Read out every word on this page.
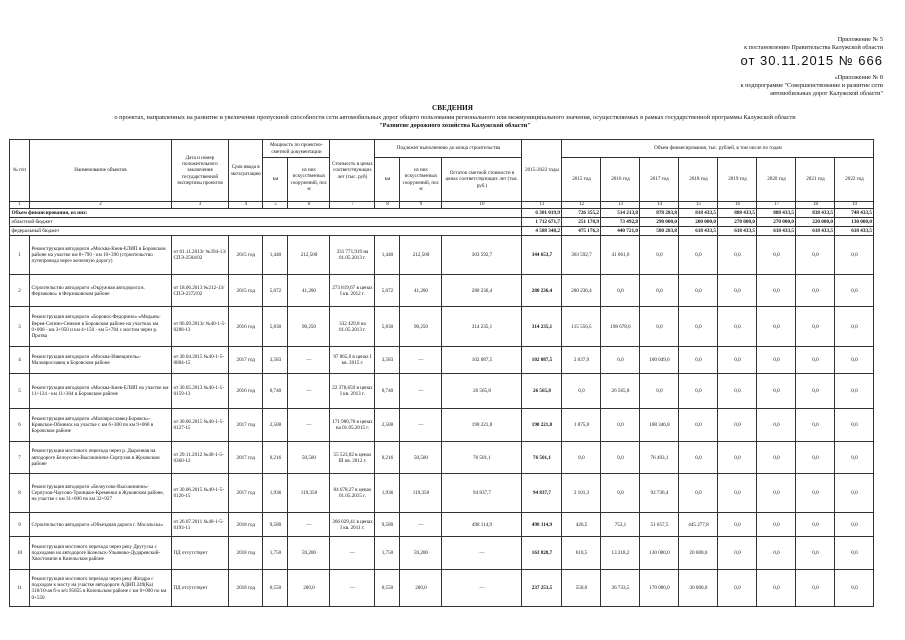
Приложение № 5
к постановлению Правительства Калужской области
от 30.11.2015 № 666
«Приложение № 8
к подпрограмме "Совершенствование и развитие сети
автомобильных дорог Калужской области"
СВЕДЕНИЯ
о проектах, направленных на развитие и увеличение пропускной способности сети автомобильных дорог общего пользования регионального или межмуниципального значения, осуществляемых в рамках государственной программы Калужской области
"Развитие дорожного хозяйства Калужской области"
№ п/п	Наименование объектов	Дата и номер положительного заключения государственной экспертизы проектов	Срок ввода в эксплуатацию	Мощность по проектно-сметной документации		Стоимость в ценах соответствующих лет (тыс. руб)	Подлежит выполнению до конца строительства			2015-2022 годы	Объем финансирования, тыс. рублей, в том числе по годам							
				км	из них искусственных сооружений, пог. м		км	из них искусственных сооружений, пог. м	Остаток сметной стоимости в ценах соответствующих лет (тыс. руб.)		2015 год	2016 год	2017 год	2018 год	2019 год	2020 год	2021 год	2022 год
1	2	3	4	5	6	7	8	9	10	11	12	13	14	15	16	17	18	19
Объем финансирования, из них:										6 301 019,9	726 355,2	514 213,8	878 283,8	818 433,5	888 433,5	888 433,5	838 433,5	748 433,5
областной бюджет										1 712 671,7	251 178,9	73 492,8	298 000,0	200 000,0	270 000,0	270 000,0	220 000,0	130 000,0
федеральный бюджет										4 588 348,2	475 176,3	440 721,0	580 283,8	618 433,5	618 433,5	618 433,5	618 433,5	618 433,5
1	Реконструкция автодороги «Москва-Киев-ЕЛИП в Боровском районе на участке км 8+790 - км 10+390 (строительство путепровода через железную дорогу)	от 01.11.2013г №394-13/СПЭ-2504/02	2015 год	1,440	212,500	331 771,919 на 01.05.2013 г.	1,440	212,500	303 592,7	344 653,7	303 592,7	41 061,0	0,0	0,0	0,0	0,0	0,0	0,0
2	Строительство автодороги «Окружная автодорога в. Ферзиково» в Ферзиковском районе	от 18.06.2013 №212-13/СПЭ-2372/02	2015 год	5,072	41,200	273 819,67 в ценах I кв. 2012 г.	5,072	41,200	280 236,4	280 236,4	280 236,4	0,0	0,0	0,0	0,0	0,0	0,0	0,0
3	Реконструкция автодороги «Боровск-Федорино»-«Медынь-Верея-Сатино-Семкин в Боровском районе на участках км 0+000 - км 3+950 и км 4+150 - км 5+784 с мостом через р. Протва	от 06.09.2013г №40-1-5-0288-13	2016 год	5,830	90,250	332 429,8 на 01.05.2013 г.	5,830	90,250	314 235,1	314 235,1	115 556,5	198 678,6	0,0	0,0	0,0	0,0	0,0	0,0
4	Реконструкция автодороги «Москва-Извещатель»-Малоярославец в Боровском районе	от 30.04.2015 №40-1-5-0084-15	2017 год	3,583	—	97 865,0 в ценах I кв. 2015 г.	3,583	—	102 087,5	102 087,5	2 037,9	0,0	100 049,6	0,0	0,0	0,0	0,0	0,0
5	Реконструкция автодороги «Москва-Киев-ЕЛИП на участке км 11+124 - км 11+304 в Боровском районе	от 30.05.2013 №40-1-5-0159-13	2016 год	0,740	—	22 378,659 в ценах I кв. 2013 г.	0,740	—	26 565,8	26 565,8	0,0	26 565,8	0,0	0,0	0,0	0,0	0,0	0,0
6	Реконструкция автодороги «Малоярославец-Боровск»-Кривское-Обнинск на участке с км 6+300 по км 9+060 в Боровском районе	от 30.06.2015 №40-1-5-0127-15	2017 год	2,500	—	171 980,78 в ценах на 01.05.2015 г.	2,500	—	190 221,8	190 221,8	1 875,0	0,0	188 346,8	0,0	0,0	0,0	0,0	0,0
7	Реконструкция мостового перехода через р. Дырочная на автодороге Белоусово-Высокиничи-Серпухов в Жуковском районе	от 29.11.2012 №40-1-5-0360-12	2017 год	0,216	50,500	55 523,82 в ценах III кв. 2012 г.	0,216	50,500	76 501,1	76 501,1	8,0	0,0	76 493,1	0,0	0,0	0,0	0,0	0,0
8	Реконструкция автодороги «Белоусово-Высокиничи»-Серпухов-Чаусово-Троицкое-Кременки в Жуковском районе, на участке с км 31+000 по км 32+927	от 30.06.2015 №40-1-5-0126-15	2017 год	1,936	119,350	84 678,27 в ценах 01.05.2015 г.	1,936	119,350	94 837,7	94 837,7	2 101,3	0,0	92 736,4	0,0	0,0	0,0	0,0	0,0
9	Строительство автодороги «Объездная дорога г. Мосальска»	от 26.07.2011 №40-1-5-0193-11	2018 год	9,580	—	366 029,41 в ценах I кв. 2011 г.	9,580	—	498 114,9	498 114,9	426,5	753,1	51 657,5	445 277,8	0,0	0,0	0,0	0,0
10	Реконструкция мостового перехода через реку Другуска с подходами на автодороге Козельск-Ульяново-Дударевский-Хвостовичи в Козельском районе	ПД отсутствует	2018 год	1,750	59,200	—	1,750	59,200	—	163 828,7	610,5	13 218,2	130 000,0	20 000,0	0,0	0,0	0,0	0,0
11	Реконструкция мостового перехода через реку Жиздра с подходом к мосту на участке автодороги АДНП.249(Ка) 318/10-ая б-о в/ч 95855 в Козельском районе с км 0+000 по км 0+550	ПД отсутствует	2018 год	0,550	200,0	—	0,550	200,0	—	237 253,5	550,0	36 733,5	170 000,0	30 000,0	0,0	0,0	0,0	0,0
